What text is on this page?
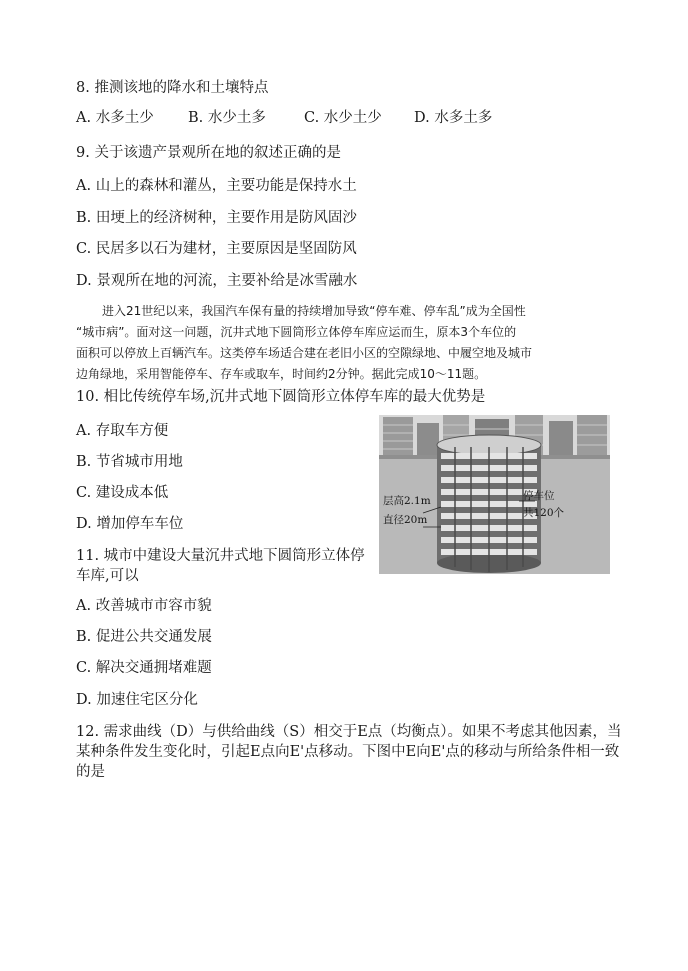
8. 推测该地的降水和土壤特点
A. 水多土少 B. 水少土多	C. 水少土少 D. 水多土多
9. 关于该遗产景观所在地的叙述正确的是
A. 山上的森林和灌丛，主要功能是保持水土
B. 田埂上的经济树种，主要作用是防风固沙
C. 民居多以石为建材，主要原因是坚固防风
D. 景观所在地的河流，主要补给是冰雪融水

进入21世纪以来，我国汽车保有量的持续增加导致“停车难、停车乱”成为全国性

“城市病”。面对这一问题，沉井式地下圆筒形立体停车库应运而生，原本3个车位的

面积可以停放上百辆汽车。这类停车场适合建在老旧小区的空隙绿地、中履空地及城市

边角绿地，采用智能停车、存车或取车，时间约2分钟。据此完成10～11题。

10. 相比传统停车场,沉井式地下圆筒形立体停车库的最大优势是
A. 存取车方便
B. 节省城市用地
C. 建设成本低
D. 增加停车车位
11. 城市中建设大量沉井式地下圆筒形立体停
车库,可以
A. 改善城市市容市貌
B. 促进公共交通发展
C. 解决交通拥堵难题
D. 加速住宅区分化
层高2.1m
直径20m
停车位
共120个

12. 需求曲线（D）与供给曲线（S）相交于E点（均衡点）。如果不考虑其他因素，当

某种条件发生变化时，引起E点向E'点移动。下图中E向E'点的移动与所给条件相一致

的是
